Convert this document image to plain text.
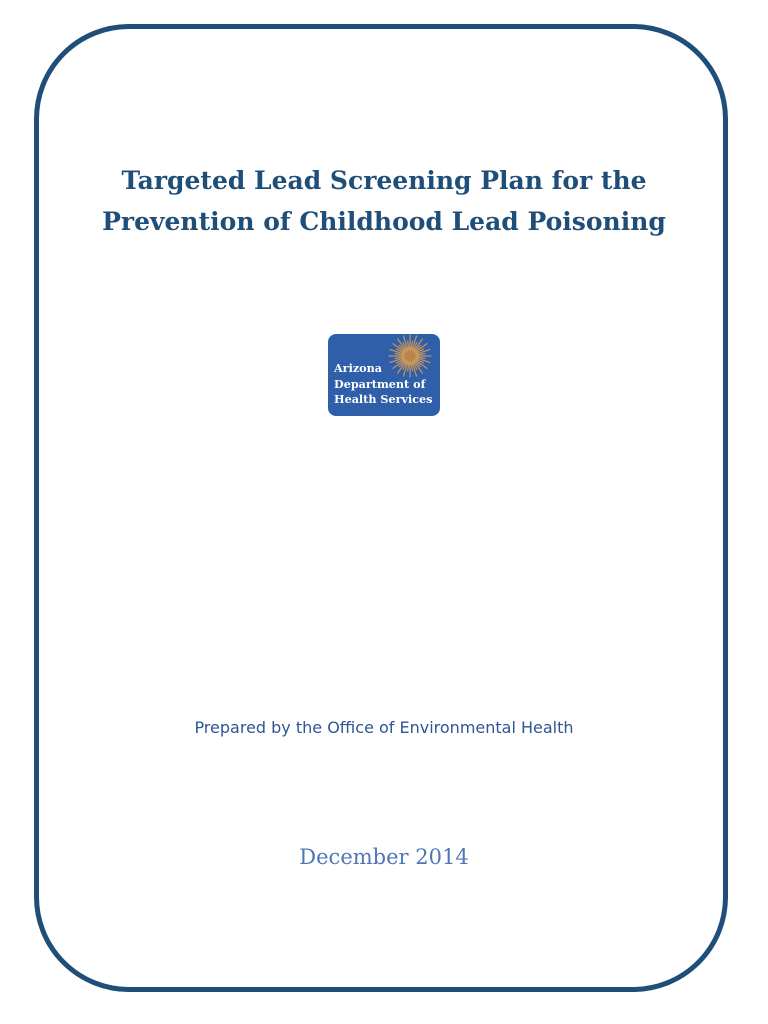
Targeted Lead Screening Plan for the
Prevention of Childhood Lead Poisoning
Arizona
Department of
Health Services
Prepared by the Office of Environmental Health
December 2014
